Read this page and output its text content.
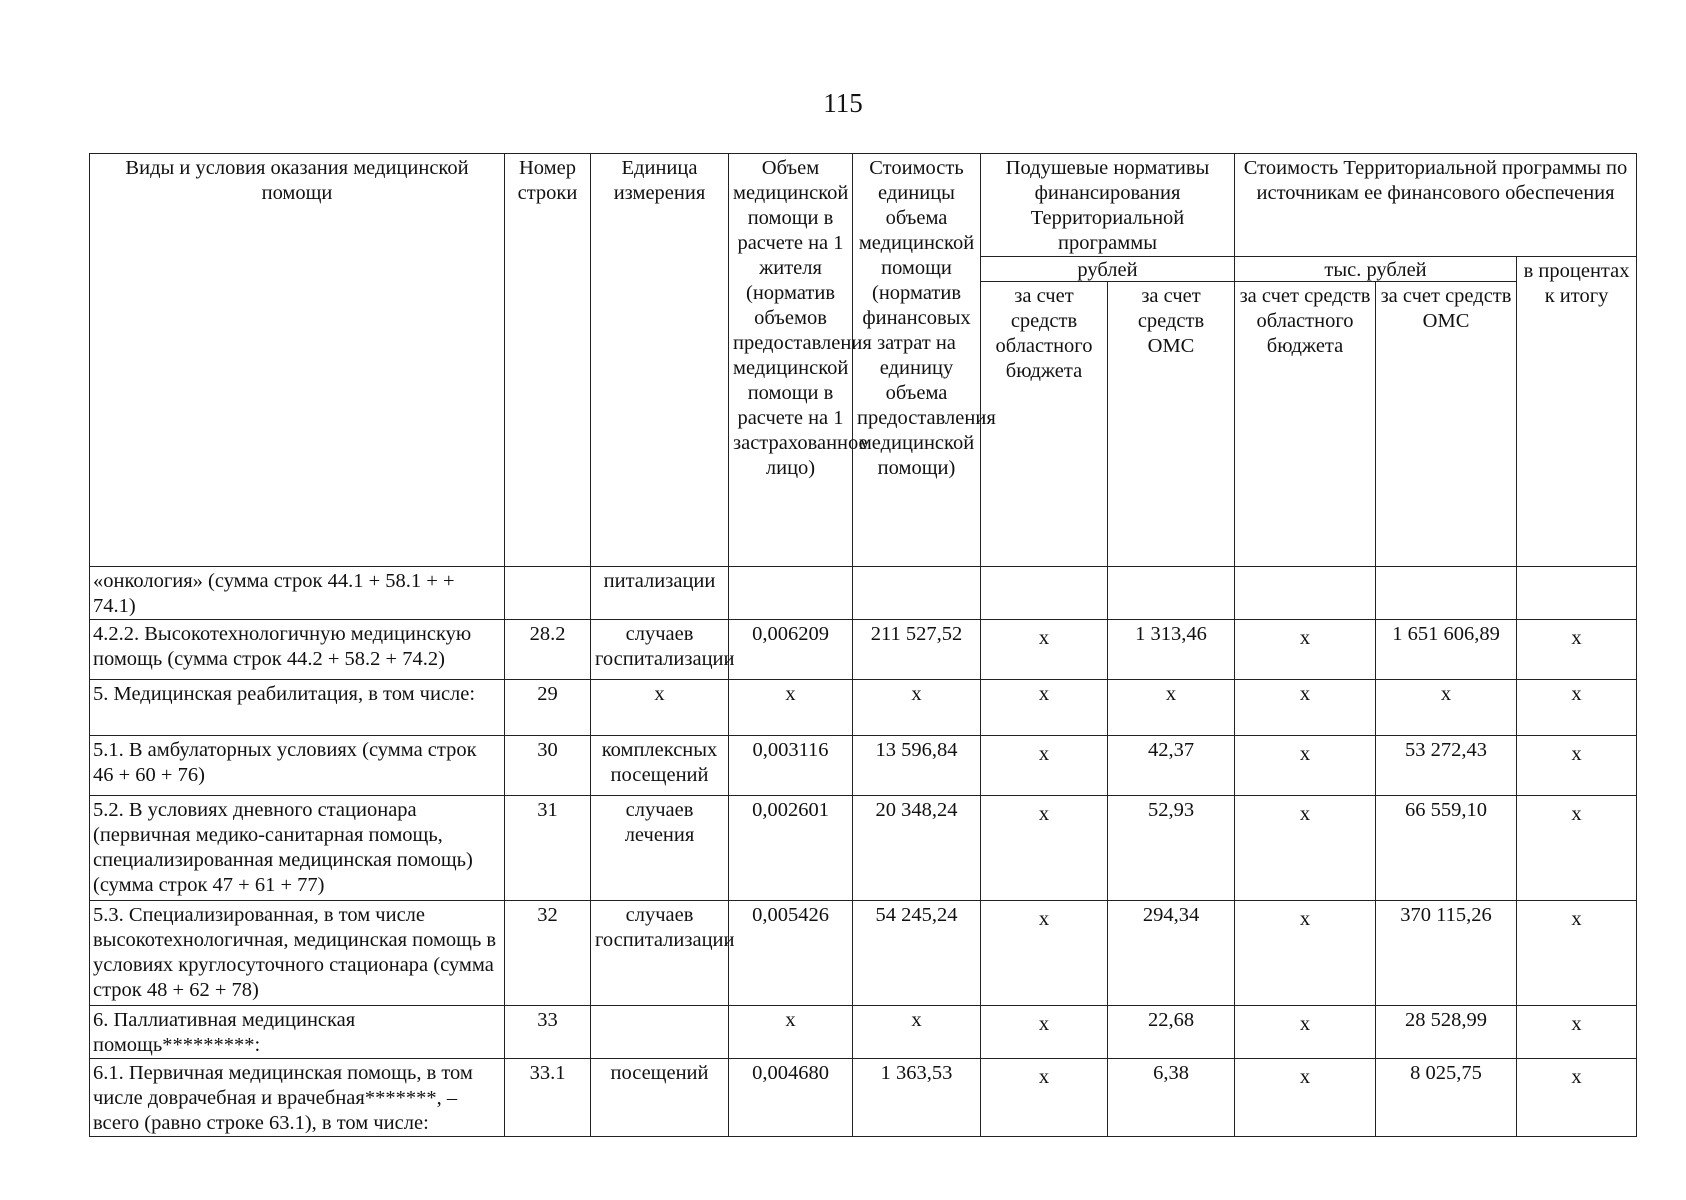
115
Виды и условия оказания медицинской помощи	Номер строки	Единица измерения	Объем медицинской помощи в расчете на 1 жителя (норматив объемов предоставления медицинской помощи в расчете на 1 застрахованное лицо)	Стоимость единицы объема медицинской помощи (норматив финансовых затрат на единицу объема предоставления медицинской помощи)	Подушевые нормативы финансирования Территориальной программы		Стоимость Территориальной программы по источникам ее финансового обеспечения		
					рублей		тыс. рублей		в процентах к итогу
					за счет средств областного бюджета	за счет средств ОМС	за счет средств областного бюджета	за счет средств ОМС	
«онкология» (сумма строк 44.1 + 58.1 + + 74.1)		питализации							
4.2.2. Высокотехнологичную медицинскую помощь (сумма строк 44.2 + 58.2 + 74.2)	28.2	случаев госпитализации	0,006209	211 527,52	х	1 313,46	х	1 651 606,89	х
5. Медицинская реабилитация, в том числе:	29	х	х	х	х	х	х	х	х
5.1. В амбулаторных условиях (сумма строк 46 + 60 + 76)	30	комплексных посещений	0,003116	13 596,84	х	42,37	х	53 272,43	х
5.2. В условиях дневного стационара (первичная медико-санитарная помощь, специализированная медицинская помощь) (сумма строк 47 + 61 + 77)	31	случаев лечения	0,002601	20 348,24	х	52,93	х	66 559,10	х
5.3. Специализированная, в том числе высокотехнологичная, медицинская помощь в условиях круглосуточного стационара (сумма строк 48 + 62 + 78)	32	случаев госпитализации	0,005426	54 245,24	х	294,34	х	370 115,26	х
6. Паллиативная медицинская помощь*********:	33		х	х	х	22,68	х	28 528,99	х
6.1. Первичная медицинская помощь, в том числе доврачебная и врачебная*******, – всего (равно строке 63.1), в том числе:	33.1	посещений	0,004680	1 363,53	х	6,38	х	8 025,75	х
